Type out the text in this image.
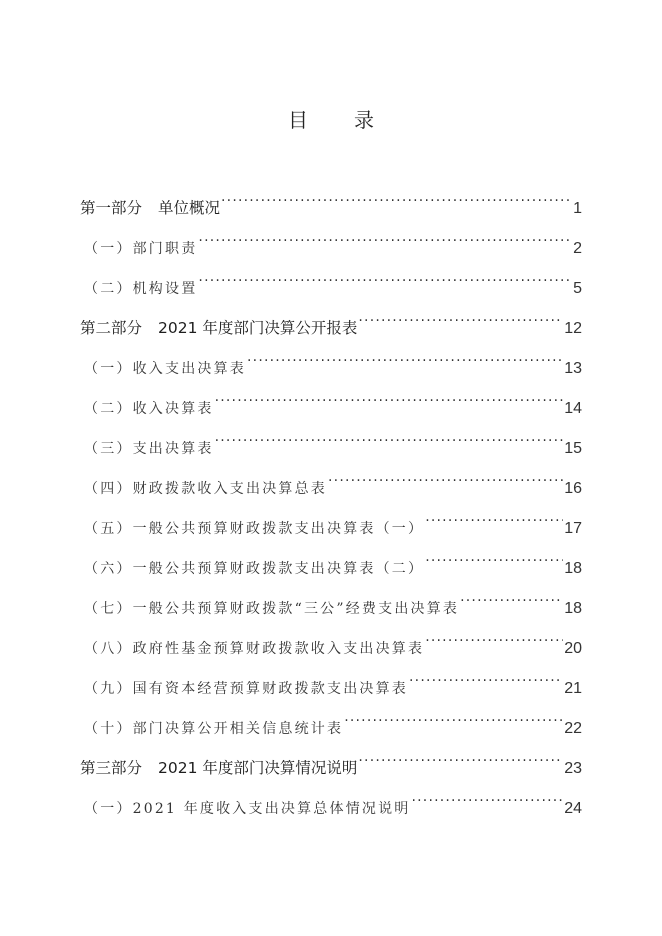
目 录
第一部分 单位概况 ·····	1
（一）部门职责 ·····	2
（二）机构设置 ·····	5
第二部分 2021 年度部门决算公开报表 ·····	12
（一）收入支出决算表 ·····	13
（二）收入决算表 ·····	14
（三）支出决算表 ·····	15
（四）财政拨款收入支出决算总表 ·····	16
（五）一般公共预算财政拨款支出决算表（一） ·····	17
（六）一般公共预算财政拨款支出决算表（二） ·····	18
（七）一般公共预算财政拨款“三公”经费支出决算表 ·····	18
（八）政府性基金预算财政拨款收入支出决算表 ·····	20
（九）国有资本经营预算财政拨款支出决算表 ·····	21
（十）部门决算公开相关信息统计表 ·····	22
第三部分 2021 年度部门决算情况说明 ·····	23
（一）2021 年度收入支出决算总体情况说明 ·····	24
